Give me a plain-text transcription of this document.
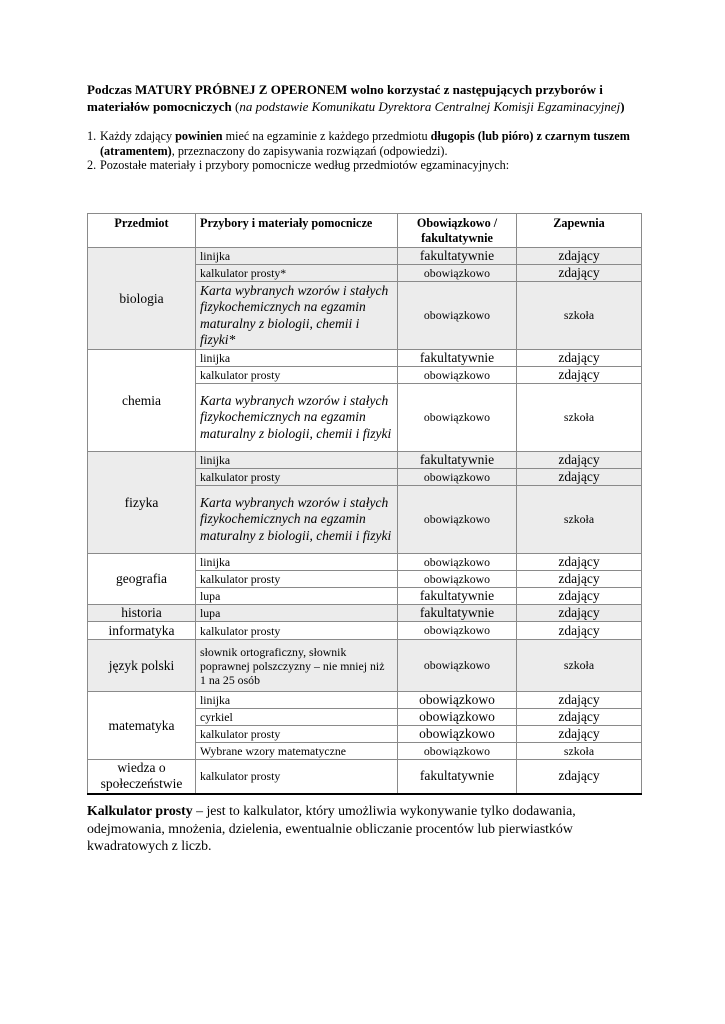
Podczas MATURY PRÓBNEJ Z OPERONEM wolno korzystać z następujących przyborów i materiałów pomocniczych (na podstawie Komunikatu Dyrektora Centralnej Komisji Egzaminacyjnej)

1. Każdy zdający powinien mieć na egzaminie z każdego przedmiotu długopis (lub pióro) z czarnym tuszem (atramentem), przeznaczony do zapisywania rozwiązań (odpowiedzi).
2. Pozostałe materiały i przybory pomocnicze według przedmiotów egzaminacyjnych:
Przedmiot	Przybory i materiały pomocnicze	Obowiązkowo / fakultatywnie	Zapewnia
biologia	linijka	fakultatywnie	zdający
	kalkulator prosty*	obowiązkowo	zdający
	Karta wybranych wzorów i stałych fizykochemicznych na egzamin maturalny z biologii, chemii i fizyki*	obowiązkowo	szkoła
chemia	linijka	fakultatywnie	zdający
	kalkulator prosty	obowiązkowo	zdający
	Karta wybranych wzorów i stałych fizykochemicznych na egzamin maturalny z biologii, chemii i fizyki	obowiązkowo	szkoła
fizyka	linijka	fakultatywnie	zdający
	kalkulator prosty	obowiązkowo	zdający
	Karta wybranych wzorów i stałych fizykochemicznych na egzamin maturalny z biologii, chemii i fizyki	obowiązkowo	szkoła
geografia	linijka	obowiązkowo	zdający
	kalkulator prosty	obowiązkowo	zdający
	lupa	fakultatywnie	zdający
historia	lupa	fakultatywnie	zdający
informatyka	kalkulator prosty	obowiązkowo	zdający
język polski	słownik ortograficzny, słownik poprawnej polszczyzny – nie mniej niż 1 na 25 osób	obowiązkowo	szkoła
matematyka	linijka	obowiązkowo	zdający
	cyrkiel	obowiązkowo	zdający
	kalkulator prosty	obowiązkowo	zdający
	Wybrane wzory matematyczne	obowiązkowo	szkoła
wiedza o społeczeństwie	kalkulator prosty	fakultatywnie	zdający

Kalkulator prosty – jest to kalkulator, który umożliwia wykonywanie tylko dodawania, odejmowania, mnożenia, dzielenia, ewentualnie obliczanie procentów lub pierwiastków kwadratowych z liczb.
